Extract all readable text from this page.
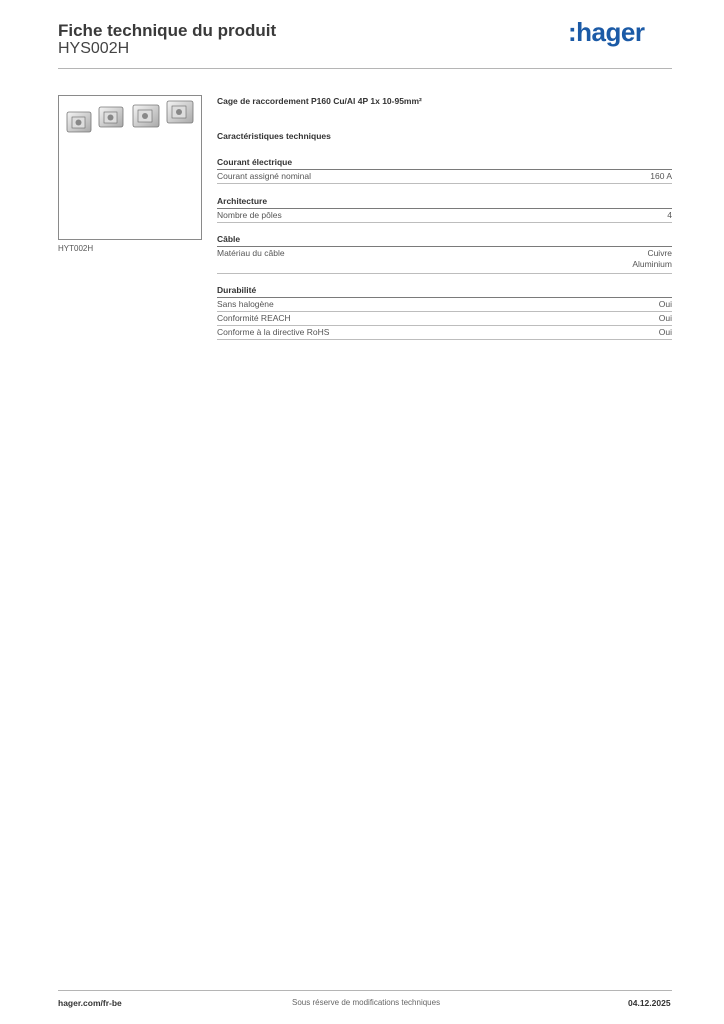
Fiche technique du produit
HYS002H
:hager
HYT002H
Cage de raccordement P160 Cu/Al 4P 1x 10-95mm²
Caractéristiques techniques
Courant électrique
Courant assigné nominal	160 A
Architecture
Nombre de pôles	4
Câble
Matériau du câble	Cuivre
Aluminium
Durabilité
Sans halogène	Oui
Conformité REACH	Oui
Conforme à la directive RoHS	Oui
hager.com/fr-be	Sous réserve de modifications techniques	04.12.2025
